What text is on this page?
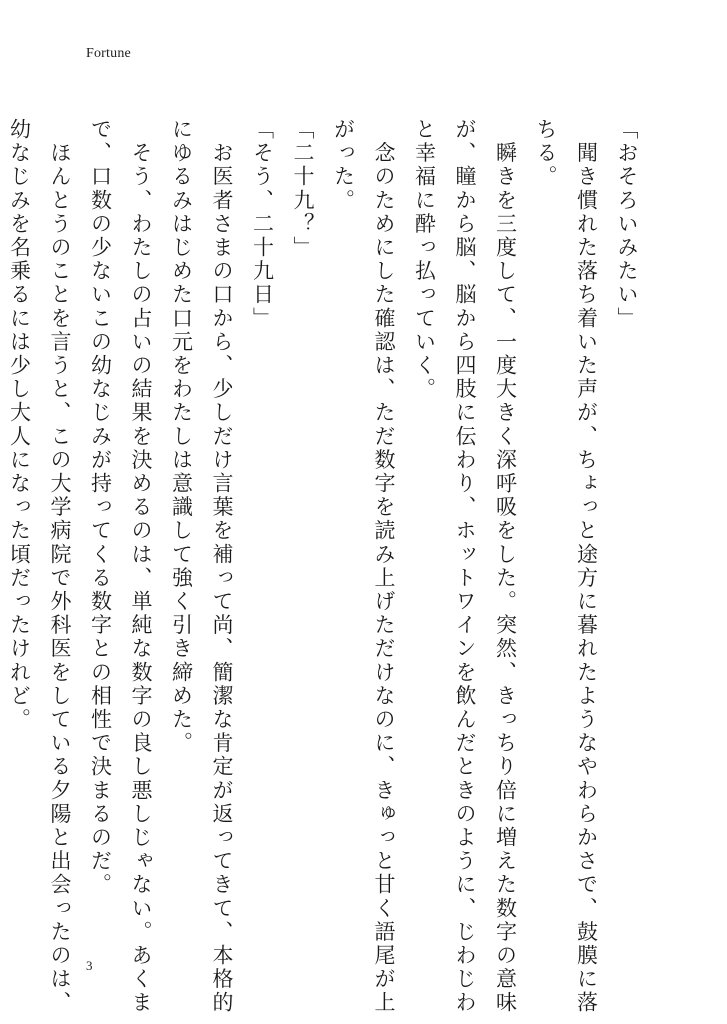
Fortune
「おそろいみたい」
　聞き慣れた落ち着いた声が、ちょっと途方に暮れたようなやわらかさで、鼓膜に落
ちる。
　瞬きを三度して、一度大きく深呼吸をした。突然、きっちり倍に増えた数字の意味
が、瞳から脳、脳から四肢に伝わり、ホットワインを飲んだときのように、じわじわ
と幸福に酔っ払っていく。
　念のためにした確認は、ただ数字を読み上げただけなのに、きゅっと甘く語尾が上
がった。
「二十九？」
「そう、二十九日」
　お医者さまの口から、少しだけ言葉を補って尚、簡潔な肯定が返ってきて、本格的
にゆるみはじめた口元をわたしは意識して強く引き締めた。
　そう、わたしの占いの結果を決めるのは、単純な数字の良し悪しじゃない。あくま
で、口数の少ないこの幼なじみが持ってくる数字との相性で決まるのだ。
　ほんとうのことを言うと、この大学病院で外科医をしている夕陽と出会ったのは、
幼なじみを名乗るには少し大人になった頃だったけれど。
3
